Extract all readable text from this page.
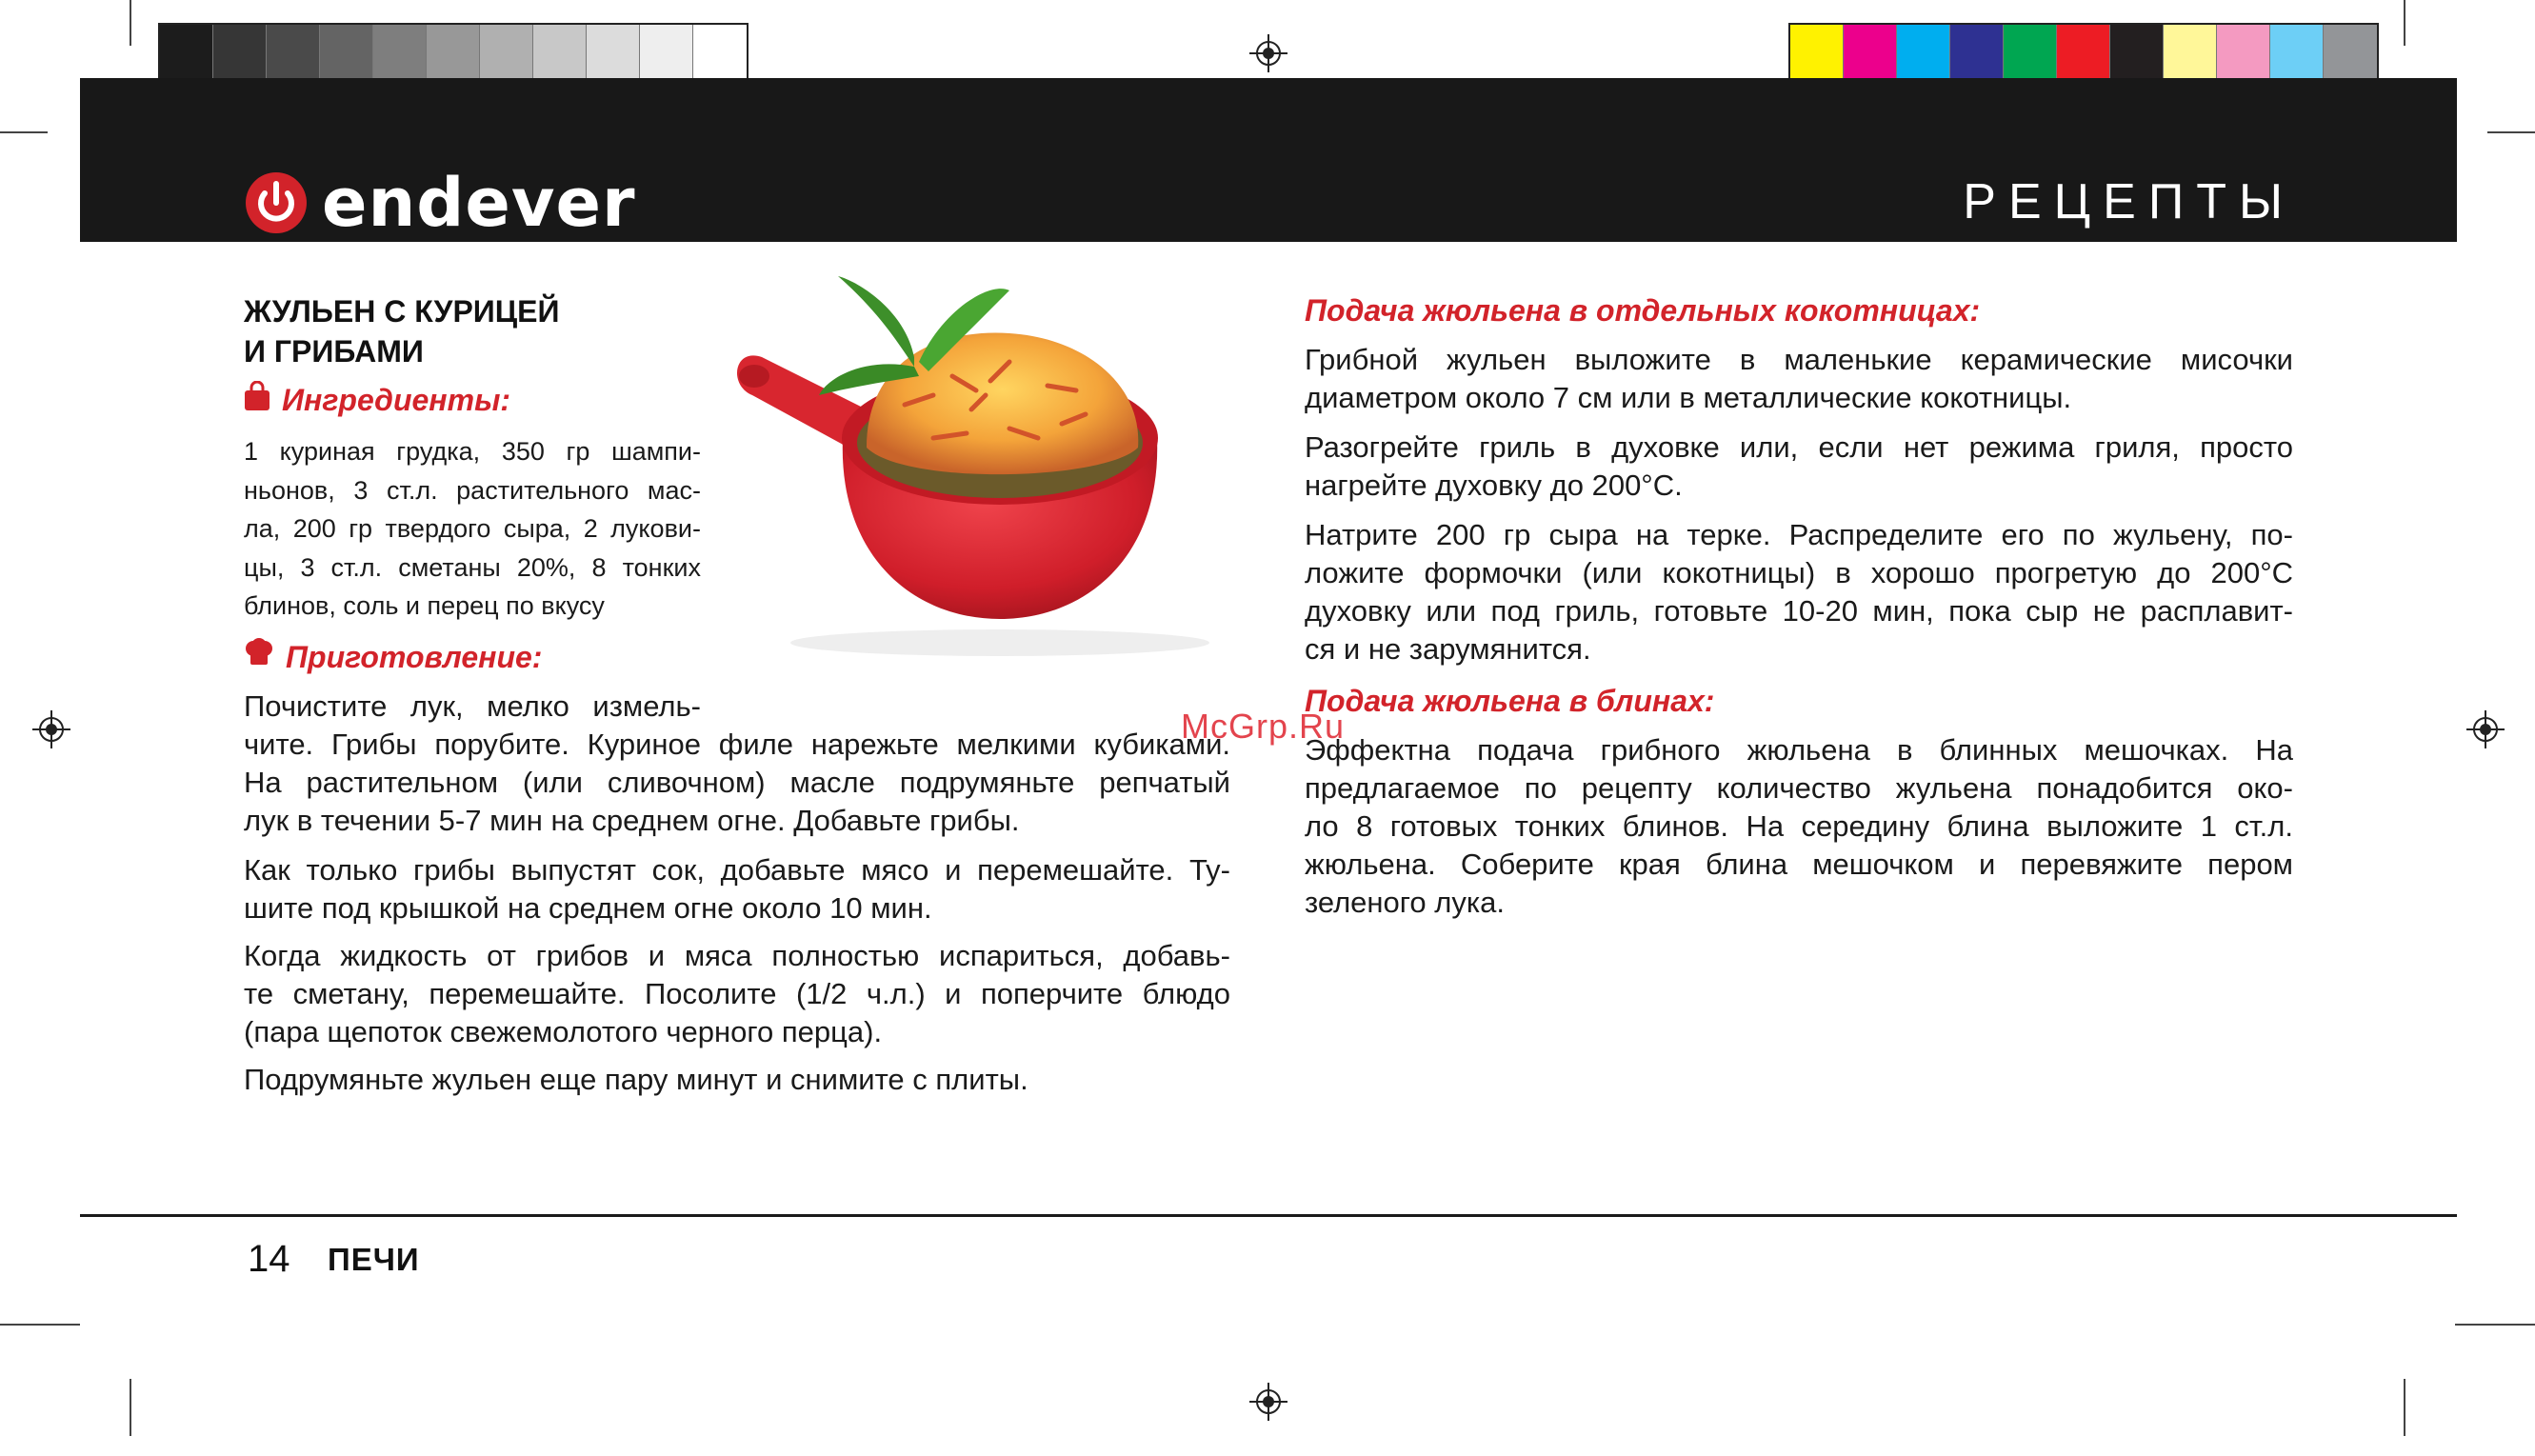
endever	РЕЦЕПТЫ
ЖУЛЬЕН С КУРИЦЕЙ
И ГРИБАМИ
Ингредиенты:
1 куриная грудка, 350 гр шампи-
ньонов, 3 ст.л. растительного мас-
ла, 200 гр твердого сыра, 2 лукови-
цы, 3 ст.л. сметаны 20%, 8 тонких
блинов, соль и перец по вкусу
Приготовление:
Почистите лук, мелко измель-
чите. Грибы порубите. Куриное филе нарежьте мелкими кубиками.
На растительном (или сливочном) масле подрумяньте репчатый
лук в течении 5-7 мин на среднем огне. Добавьте грибы.
Как только грибы выпустят сок, добавьте мясо и перемешайте. Ту-
шите под крышкой на среднем огне около 10 мин.
Когда жидкость от грибов и мяса полностью испариться, добавь-
те сметану, перемешайте. Посолите (1/2 ч.л.) и поперчите блюдо
(пара щепоток свежемолотого черного перца).
Подрумяньте жульен еще пару минут и снимите с плиты.
McGrp.Ru
Подача жюльена в отдельных кокотницах:
Грибной жульен выложите в маленькие керамические мисочки
диаметром около 7 см или в металлические кокотницы.
Разогрейте гриль в духовке или, если нет режима гриля, просто
нагрейте духовку до 200°С.
Натрите 200 гр сыра на терке. Распределите его по жульену, по-
ложите формочки (или кокотницы) в хорошо прогретую до 200°С
духовку или под гриль, готовьте 10-20 мин, пока сыр не расплавит-
ся и не зарумянится.
Подача жюльена в блинах:
Эффектна подача грибного жюльена в блинных мешочках. На
предлагаемое по рецепту количество жульена понадобится око-
ло 8 готовых тонких блинов. На середину блина выложите 1 ст.л.
жюльена. Соберите края блина мешочком и перевяжите пером
зеленого лука.
14 ПЕЧИ
